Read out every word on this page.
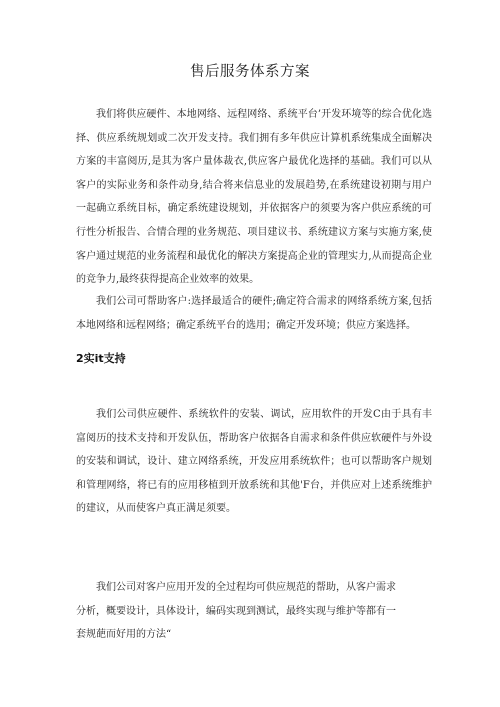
售后服务体系方案

我们将供应硬件、本地网络、远程网络、系统平台’开发环境等的综合优化选择、供应系统规划或二次开发支持。我们拥有多年供应计算机系统集成全面解决方案的丰富阅历,是其为客户量体裁衣,供应客户最优化选择的基础。我们可以从客户的实际业务和条件动身,结合将来信息业的发展趋势,在系统建设初期与用户一起确立系统目标，确定系统建设规划，并依据客户的须要为客户供应系统的可行性分析报告、合情合理的业务规范、项目建议书、系统建议方案与实施方案,使客户通过规范的业务流程和最优化的解决方案提高企业的管理实力,从而提高企业的竞争力,最终获得提高企业效率的效果。

我们公司可帮助客户:选择最适合的硬件;确定符合需求的网络系统方案,包括本地网络和远程网络；确定系统平台的选用；确定开发环境；供应方案选择。

2实it支持

我们公司供应硬件、系统软件的安装、调试，应用软件的开发C由于具有丰富阅历的技术支持和开发队伍，帮助客户依据各自需求和条件供应软硬件与外设的安装和调试，设计、建立网络系统，开发应用系统软件；也可以帮助客户规划和管理网络，将已有的应用移植到开放系统和其他'F台，并供应对上述系统维护的建议，从而使客户真正满足须要。

我们公司对客户应用开发的全过程均可供应规范的帮助，从客户需求
分析，概要设计，具体设计，编码实现到测试，最终实现与维护等都有一
套规葩而好用的方法“
